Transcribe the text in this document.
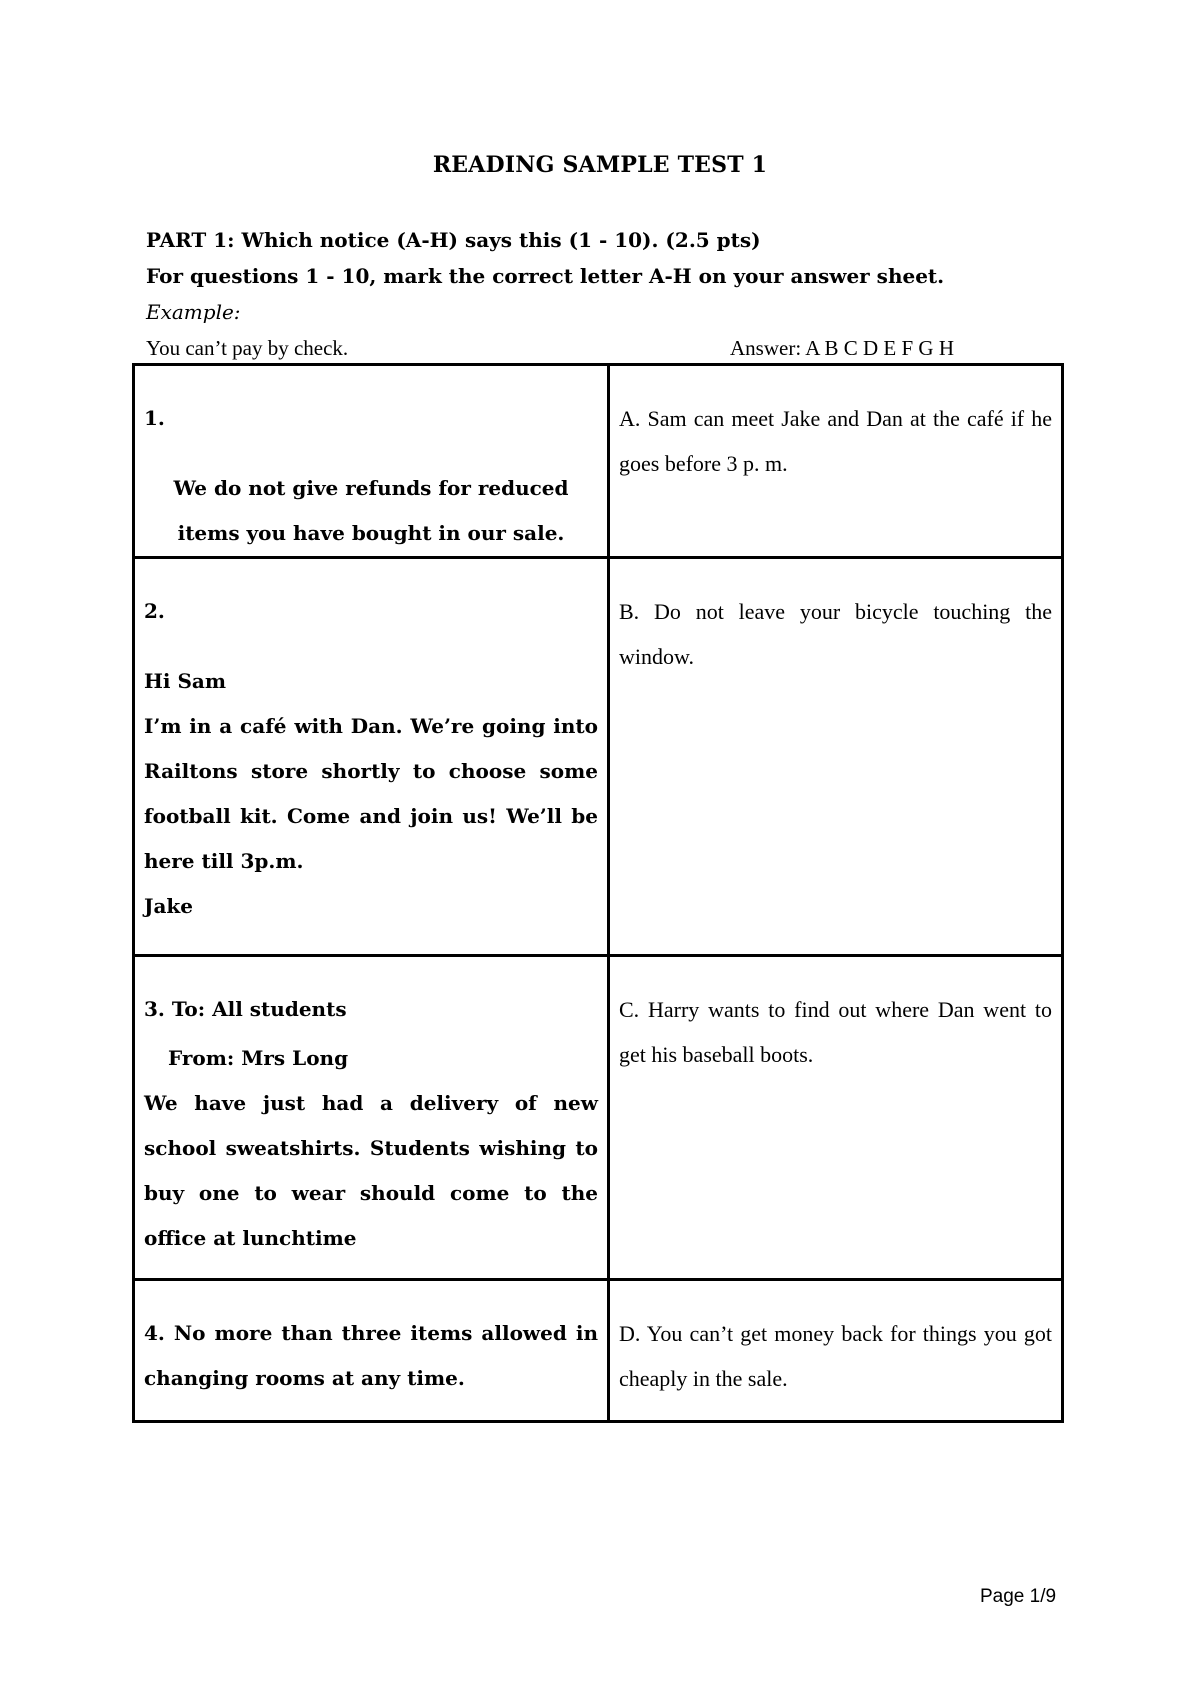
READING SAMPLE TEST 1
PART 1: Which notice (A-H) says this (1 - 10). (2.5 pts)
For questions 1 - 10, mark the correct letter A-H on your answer sheet.
Example:
You can’t pay by check.	Answer: A B C D E F G H
1.
We do not give refunds for reduced items you have bought in our sale.	A. Sam can meet Jake and Dan at the café if he goes before 3 p. m.

2.
Hi Sam
I’m in a café with Dan. We’re going into Railtons store shortly to choose some football kit. Come and join us! We’ll be here till 3p.m.
Jake	B. Do not leave your bicycle touching the window.

3. To: All students
From: Mrs Long
We have just had a delivery of new school sweatshirts. Students wishing to buy one to wear should come to the office at lunchtime	C. Harry wants to find out where Dan went to get his baseball boots.

4. No more than three items allowed in changing rooms at any time.	D. You can’t get money back for things you got cheaply in the sale.
Page 1/9
